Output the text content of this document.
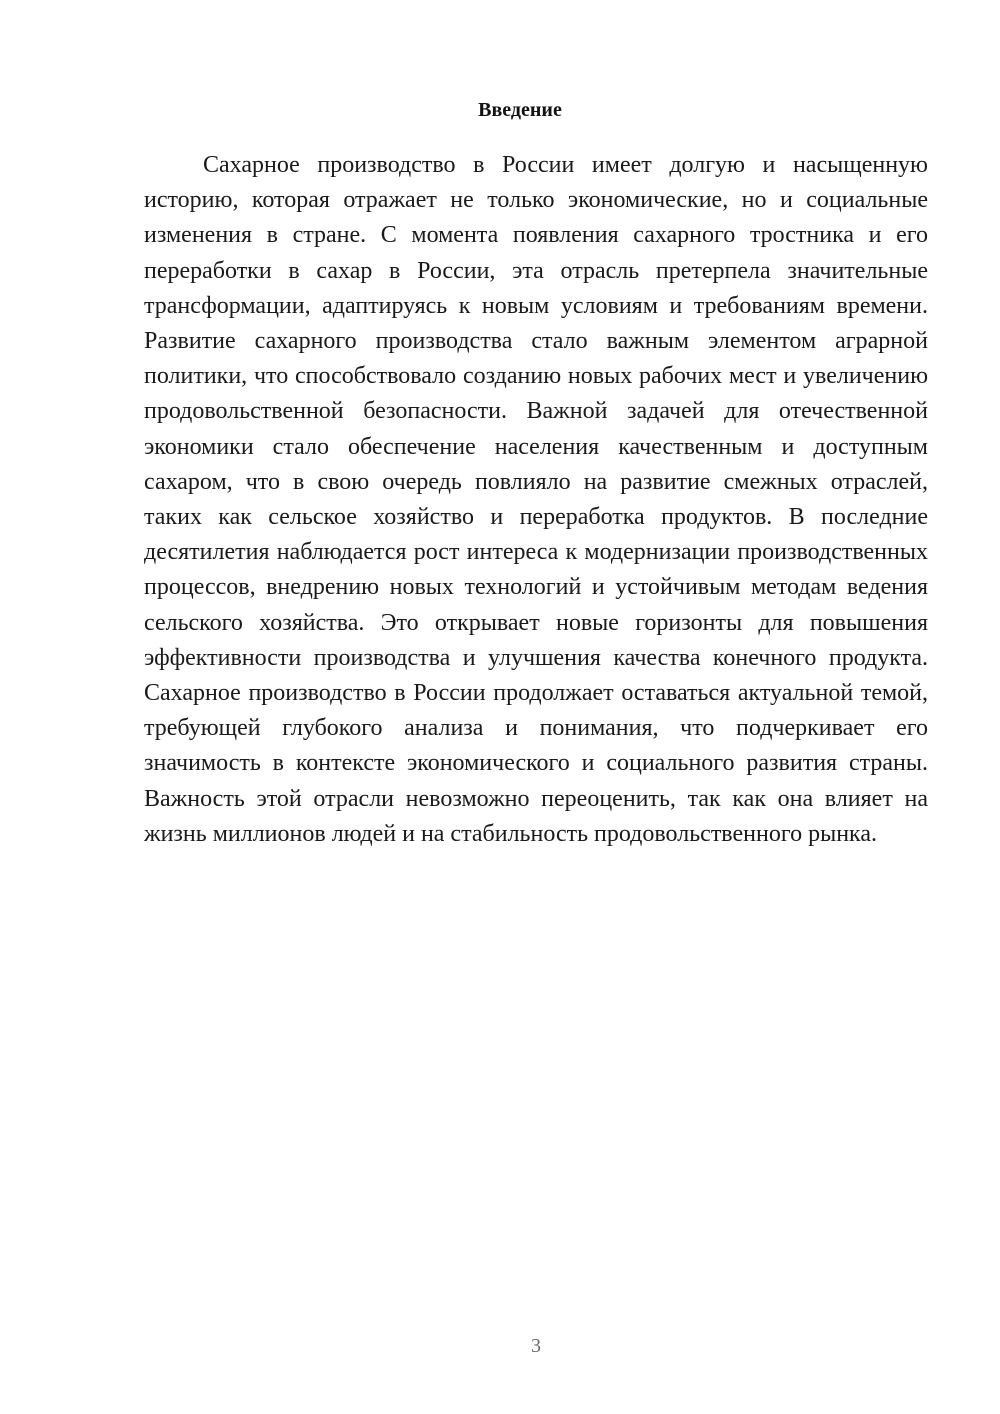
Введение

Сахарное производство в России имеет долгую и насыщенную историю, которая отражает не только экономические, но и социальные изменения в стране. С момента появления сахарного тростника и его переработки в сахар в России, эта отрасль претерпела значительные трансформации, адаптируясь к новым условиям и требованиям времени. Развитие сахарного производства стало важным элементом аграрной политики, что способствовало созданию новых рабочих мест и увеличению продовольственной безопасности. Важной задачей для отечественной экономики стало обеспечение населения качественным и доступным сахаром, что в свою очередь повлияло на развитие смежных отраслей, таких как сельское хозяйство и переработка продуктов. В последние десятилетия наблюдается рост интереса к модернизации производственных процессов, внедрению новых технологий и устойчивым методам ведения сельского хозяйства. Это открывает новые горизонты для повышения эффективности производства и улучшения качества конечного продукта. Сахарное производство в России продолжает оставаться актуальной темой, требующей глубокого анализа и понимания, что подчеркивает его значимость в контексте экономического и социального развития страны. Важность этой отрасли невозможно переоценить, так как она влияет на жизнь миллионов людей и на стабильность продовольственного рынка.

3
